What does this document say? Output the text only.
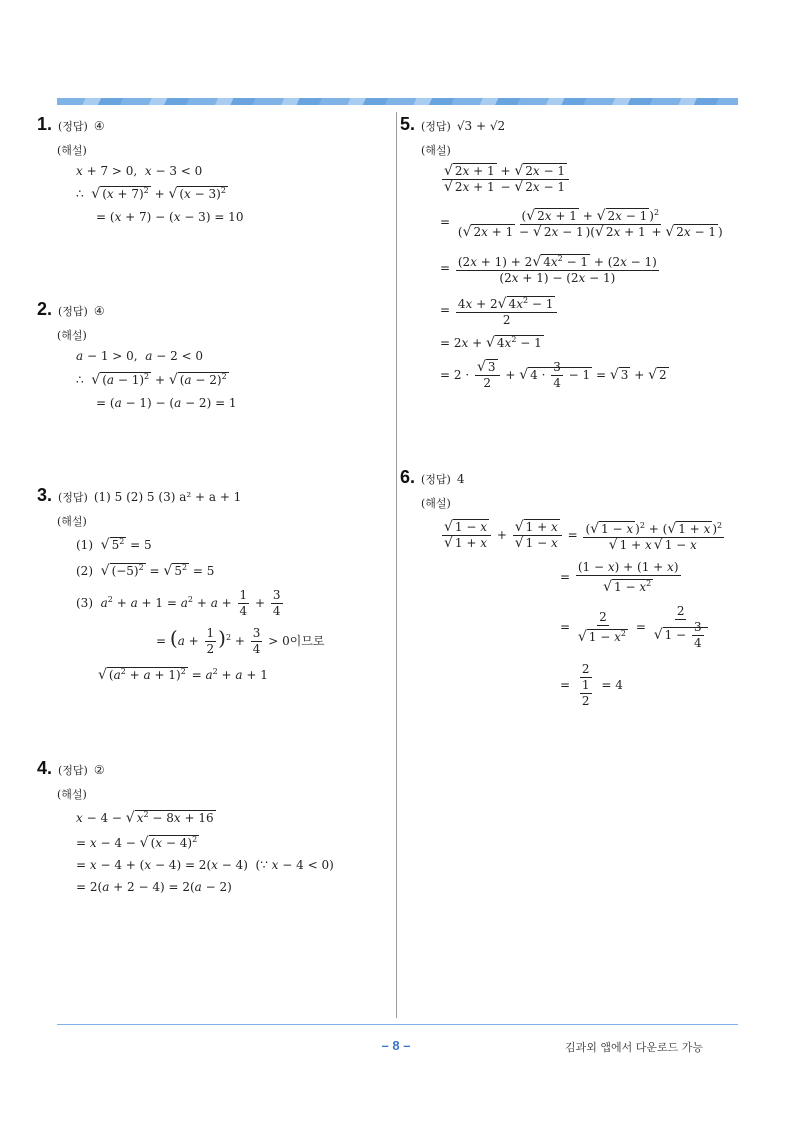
1. (정답) ④
(해설)
x + 7 > 0,  x − 3 < 0
∴  √ $(x + 7)^2$ + √ $(x - 3)^2$
= (x + 7) − (x − 3) = 10
2. (정답) ④
(해설)
a − 1 > 0,  a − 2 < 0
∴  √ $(a - 1)^2$ + √ $(a - 2)^2$
= (a − 1) − (a − 2) = 1
3. (정답) (1) 5 (2) 5 (3) a² + a + 1
(해설)
(1)  √ $5^2 = 5$
(2)  √ $(-5)^2$ = √ $5^2 = 5$
(3)  $a^2 + a + 1 = a^2 + a + \frac{1}{4} + \frac{3}{4}$
= $(a + \frac{1}{2} )^2 + \frac{3}{4} > 0$이므로
√ $(a^2 + a + 1)^2 = a^2 + a + 1$
4. (정답) ②
(해설)
x − 4 − √ $x^2 - 8x + 16$
= x − 4 − √ $(x - 4)^2$
= x − 4 + (x − 4) = 2(x − 4)  (∵ x − 4 < 0)
= 2(a + 2 − 4) = 2(a − 2)
5. (정답) √3 + √2
(해설)
$\frac{√ 2x + 1 + √ 2x - 1}{√ 2x + 1 - √ 2x - 1}$
= $\frac{(√ 2x + 1 + √ 2x - 1 )^2}{(√ 2x + 1 - √ 2x - 1 )(√ 2x + 1 + √ 2x - 1 )}$
= $\frac{(2x + 1) + 2√ 4x^2 - 1 + (2x - 1)}{(2x + 1) - (2x - 1)}$
= $\frac{4x + 2√ 4x^2 - 1}{2}$
= 2x + √ $4x^2 - 1$
= $2 \cdot \frac{√ 3}{2}$ + √ $4 \cdot \frac{3}{4} - 1$ = √ 3 + √ 2
6. (정답) 4
(해설)
$\frac{√ 1 - x}{√ 1 + x} + \frac{√ 1 + x}{√ 1 - x} = \frac{(√ 1 - x )^2 + (√ 1 + x )^2}{√ 1 + x √ 1 - x}$
= $\frac{(1 - x) + (1 + x)}{√ 1 - x^2}$
= $\frac{2}{√ 1 - x^2} = \frac{2}{√ 1 - \frac{3}{4}}$
= $\frac{2}{\frac{1}{2}} = 4$
– 8 –	김과외 앱에서 다운로드 가능
